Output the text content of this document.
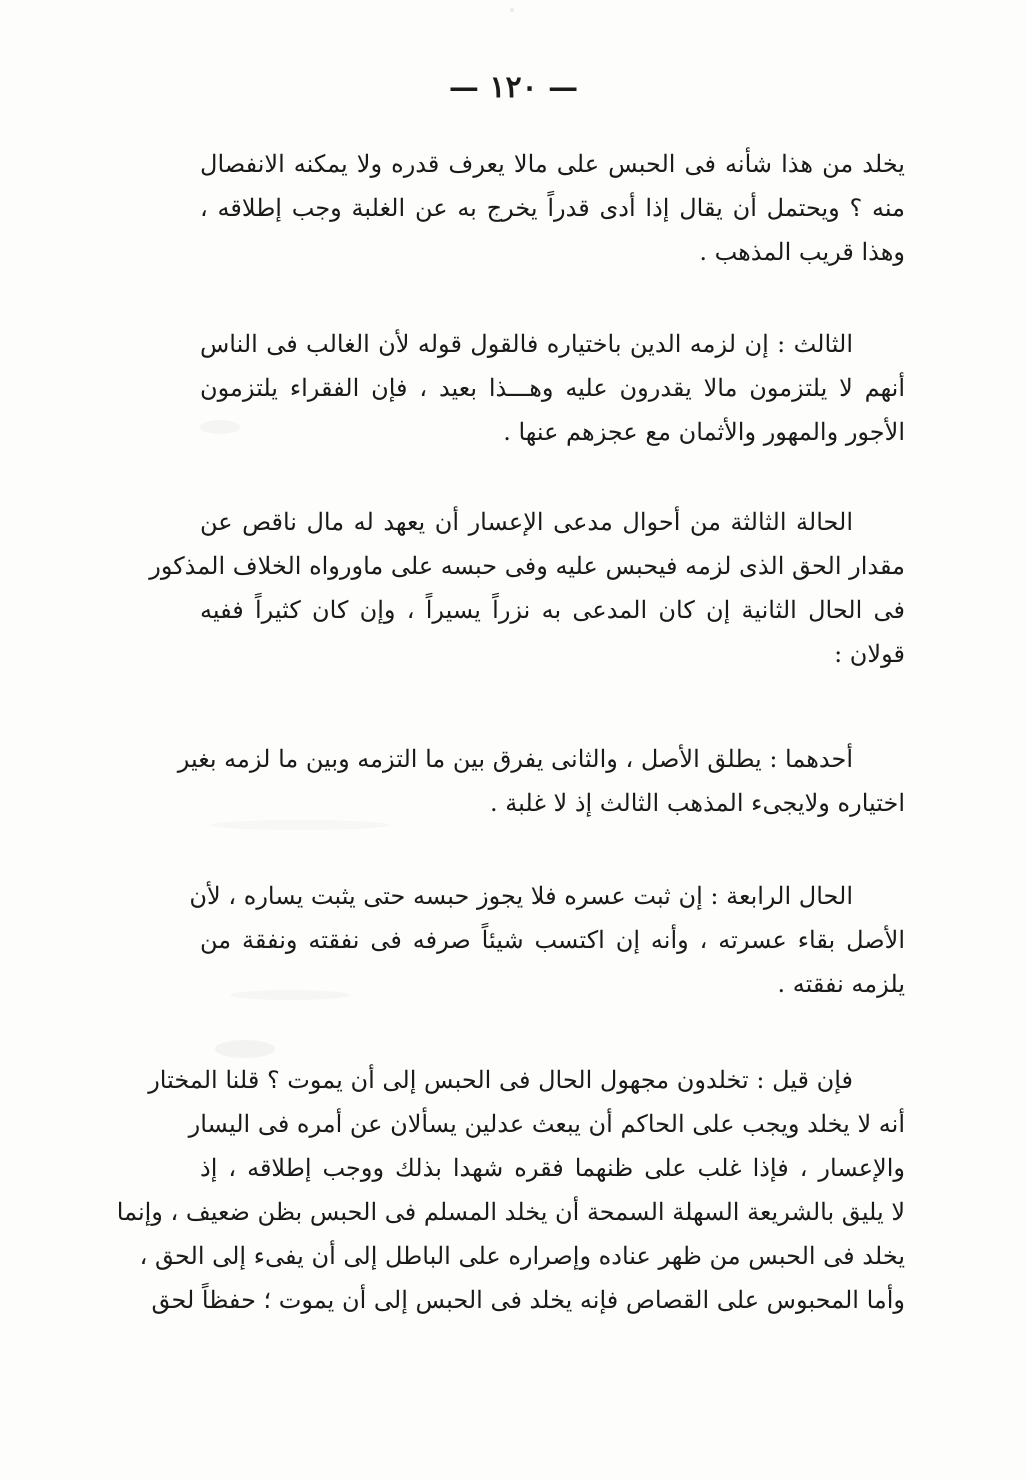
— ١٢٠ —
يخلد من هذا شأنه فى الحبس على مالا يعرف قدره ولا يمكنه الانفصال
منه ؟ ويحتمل أن يقال إذا أدى قدراً يخرج به عن الغلبة وجب إطلاقه ،
وهذا قريب المذهب .
الثالث : إن لزمه الدين باختياره فالقول قوله لأن الغالب فى الناس
أنهم لا يلتزمون مالا يقدرون عليه وهـــذا بعيد ، فإن الفقراء يلتزمون
الأجور والمهور والأثمان مع عجزهم عنها .
الحالة الثالثة من أحوال مدعى الإعسار أن يعهد له مال ناقص عن
مقدار الحق الذى لزمه فيحبس عليه وفى حبسه على ماورواه الخلاف المذكور
فى الحال الثانية إن كان المدعى به نزراً يسيراً ، وإن كان كثيراً ففيه
قولان :
أحدهما : يطلق الأصل ، والثانى يفرق بين ما التزمه وبين ما لزمه بغير
اختياره ولايجىء المذهب الثالث إذ لا غلبة .
الحال الرابعة : إن ثبت عسره فلا يجوز حبسه حتى يثبت يساره ، لأن
الأصل بقاء عسرته ، وأنه إن اكتسب شيئاً صرفه فى نفقته ونفقة من
يلزمه نفقته .
فإن قيل : تخلدون مجهول الحال فى الحبس إلى أن يموت ؟ قلنا المختار
أنه لا يخلد ويجب على الحاكم أن يبعث عدلين يسألان عن أمره فى اليسار
والإعسار ، فإذا غلب على ظنهما فقره شهدا بذلك ووجب إطلاقه ، إذ
لا يليق بالشريعة السهلة السمحة أن يخلد المسلم فى الحبس بظن ضعيف ، وإنما
يخلد فى الحبس من ظهر عناده وإصراره على الباطل إلى أن يفىء إلى الحق ،
وأما المحبوس على القصاص فإنه يخلد فى الحبس إلى أن يموت ؛ حفظاً لحق
